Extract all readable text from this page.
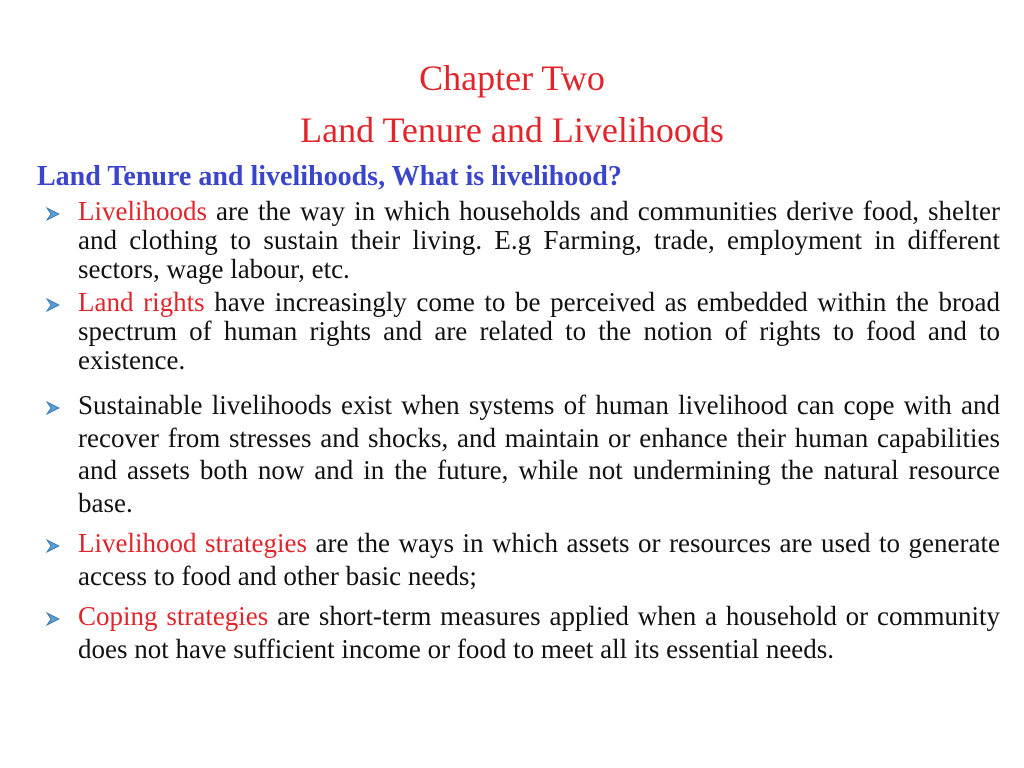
Chapter Two
Land Tenure and Livelihoods
Land Tenure and livelihoods, What is livelihood?
Livelihoods are the way in which households and communities derive food, shelter and clothing to sustain their living. E.g Farming, trade, employment in different sectors, wage labour, etc.
Land rights have increasingly come to be perceived as embedded within the broad spectrum of human rights and are related to the notion of rights to food and to existence.
Sustainable livelihoods exist when systems of human livelihood can cope with and recover from stresses and shocks, and maintain or enhance their human capabilities and assets both now and in the future, while not undermining the natural resource base.
Livelihood strategies are the ways in which assets or resources are used to generate access to food and other basic needs;
Coping strategies are short-term measures applied when a household or community does not have sufficient income or food to meet all its essential needs.
